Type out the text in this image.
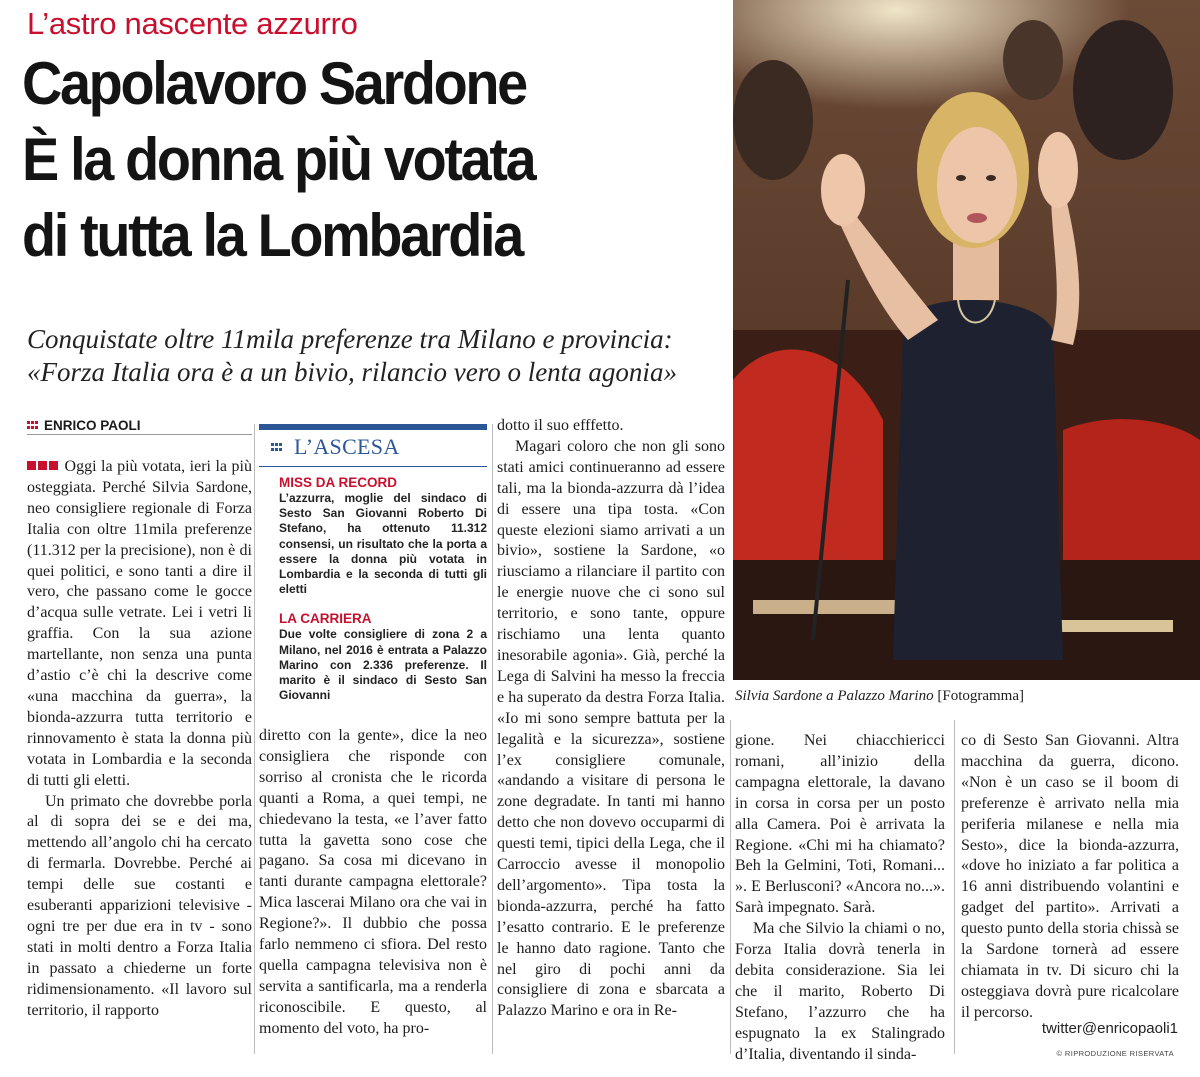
L’astro nascente azzurro
Capolavoro Sardone
È la donna più votata
di tutta la Lombardia
Conquistate oltre 11mila preferenze tra Milano e provincia:
«Forza Italia ora è a un bivio, rilancio vero o lenta agonia»
ENRICO PAOLI

Oggi la più votata, ieri la più osteggiata. Perché Silvia Sardone, neo consigliere regionale di Forza Italia con oltre 11mila preferenze (11.312 per la precisione), non è di quei politici, e sono tanti a dire il vero, che passano come le gocce d’acqua sulle vetrate. Lei i vetri li graffia. Con la sua azione martellante, non senza una punta d’astio c’è chi la descrive come «una macchina da guerra», la bionda-azzurra tutta territorio e rinnovamento è stata la donna più votata in Lombardia e la seconda di tutti gli eletti.

Un primato che dovrebbe porla al di sopra dei se e dei ma, mettendo all’angolo chi ha cercato di fermarla. Dovrebbe. Perché ai tempi delle sue costanti e esuberanti apparizioni televisive - ogni tre per due era in tv - sono stati in molti dentro a Forza Italia in passato a chiederne un forte ridimensionamento. «Il lavoro sul territorio, il rapporto

L’ASCESA
MISS DA RECORD
L’azzurra, moglie del sindaco di Sesto San Giovanni Roberto Di Stefano, ha ottenuto 11.312 consensi, un risultato che la porta a essere la donna più votata in Lombardia e la seconda di tutti gli eletti
LA CARRIERA
Due volte consigliere di zona 2 a Milano, nel 2016 è entrata a Palazzo Marino con 2.336 preferenze. Il marito è il sindaco di Sesto San Giovanni

diretto con la gente», dice la neo consigliera che risponde con sorriso al cronista che le ricorda quanti a Roma, a quei tempi, ne chiedevano la testa, «e l’aver fatto tutta la gavetta sono cose che pagano. Sa cosa mi dicevano in tanti durante campagna elettorale? Mica lascerai Milano ora che vai in Regione?». Il dubbio che possa farlo nemmeno ci sfiora. Del resto quella campagna televisiva non è servita a santificarla, ma a renderla riconoscibile. E questo, al momento del voto, ha pro-

dotto il suo efffetto.

Magari coloro che non gli sono stati amici continueranno ad essere tali, ma la bionda-azzurra dà l’idea di essere una tipa tosta. «Con queste elezioni siamo arrivati a un bivio», sostiene la Sardone, «o riusciamo a rilanciare il partito con le energie nuove che ci sono sul territorio, e sono tante, oppure rischiamo una lenta quanto inesorabile agonia». Già, perché la Lega di Salvini ha messo la freccia e ha superato da destra Forza Italia. «Io mi sono sempre battuta per la legalità e la sicurezza», sostiene l’ex consigliere comunale, «andando a visitare di persona le zone degradate. In tanti mi hanno detto che non dovevo occuparmi di questi temi, tipici della Lega, che il Carroccio avesse il monopolio dell’argomento». Tipa tosta la bionda-azzurra, perché ha fatto l’esatto contrario. E le preferenze le hanno dato ragione. Tanto che nel giro di pochi anni da consigliere di zona e sbarcata a Palazzo Marino e ora in Re-

Silvia Sardone a Palazzo Marino [Fotogramma]

gione. Nei chiacchiericci romani, all’inizio della campagna elettorale, la davano in corsa in corsa per un posto alla Camera. Poi è arrivata la Regione. «Chi mi ha chiamato? Beh la Gelmini, Toti, Romani... ». E Berlusconi? «Ancora no...». Sarà impegnato. Sarà.

Ma che Silvio la chiami o no, Forza Italia dovrà tenerla in debita considerazione. Sia lei che il marito, Roberto Di Stefano, l’azzurro che ha espugnato la ex Stalingrado d’Italia, diventando il sinda-

co di Sesto San Giovanni. Altra macchina da guerra, dicono. «Non è un caso se il boom di preferenze è arrivato nella mia periferia milanese e nella mia Sesto», dice la bionda-azzurra, «dove ho iniziato a far politica a 16 anni distribuendo volantini e gadget del partito». Arrivati a questo punto della storia chissà se la Sardone tornerà ad essere chiamata in tv. Di sicuro chi la osteggiava dovrà pure ricalcolare il percorso.

twitter@enricopaoli1
© RIPRODUZIONE RISERVATA
